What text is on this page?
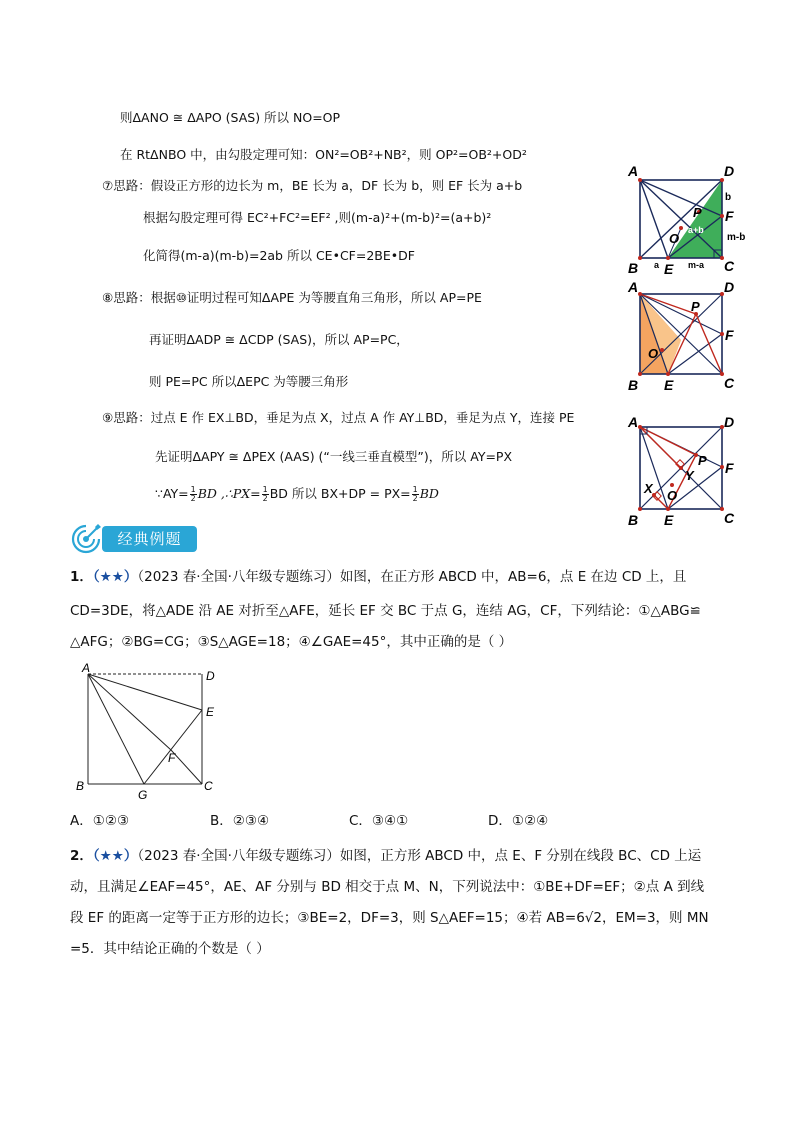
则ΔANO ≅ ΔAPO (SAS) 所以 NO=OP
在 RtΔNBO 中，由勾股定理可知：ON²=OB²+NB²，则 OP²=OB²+OD²
⑦思路：假设正方形的边长为 m，BE 长为 a，DF 长为 b，则 EF 长为 a+b
根据勾股定理可得 EC²+FC²=EF² ,则(m-a)²+(m-b)²=(a+b)²
化简得(m-a)(m-b)=2ab 所以 CE•CF=2BE•DF
⑧思路：根据⑩证明过程可知ΔAPE 为等腰直角三角形，所以 AP=PE
再证明ΔADP ≅ ΔCDP (SAS)，所以 AP=PC，
则 PE=PC 所以ΔEPC 为等腰三角形
⑨思路：过点 E 作 EX⊥BD，垂足为点 X，过点 A 作 AY⊥BD，垂足为点 Y，连接 PE
先证明ΔAPY ≅ ΔPEX (AAS) (“一线三垂直模型”)，所以 AY=PX
∵AY= $\frac{1}{2}$ BD ,∴PX= $\frac{1}{2}$ BD 所以 $BX+DP = PX= \frac{1}{2}$ BD
A	D
B	C
E
F
P
O
b
m-b
a	m-a
a+b
A	D
B	C
E
F
P
O
A	D
B	C
E
F
P
Y
X O
经典例题
1．（★★）（2023 春·全国·八年级专题练习）如图，在正方形 ABCD 中，AB=6，点 E 在边 CD 上，且
CD=3DE，将△ADE 沿 AE 对折至△AFE，延长 EF 交 BC 于点 G，连结 AG，CF，下列结论：①△ABG≌
△AFG；②BG=CG；③S△AGE=18；④∠GAE=45°，其中正确的是（ ）
A
D
E
F
B	C
G
A．①②③	B．②③④	C．③④①	D．①②④
2．（★★）（2023 春·全国·八年级专题练习）如图，正方形 ABCD 中，点 E、F 分别在线段 BC、CD 上运
动，且满足∠EAF=45°，AE、AF 分别与 BD 相交于点 M、N，下列说法中：①BE+DF=EF；②点 A 到线
段 EF 的距离一定等于正方形的边长；③BE=2，DF=3，则 S△AEF=15；④若 AB=6√2，EM=3，则 MN
=5．其中结论正确的个数是（ ）
